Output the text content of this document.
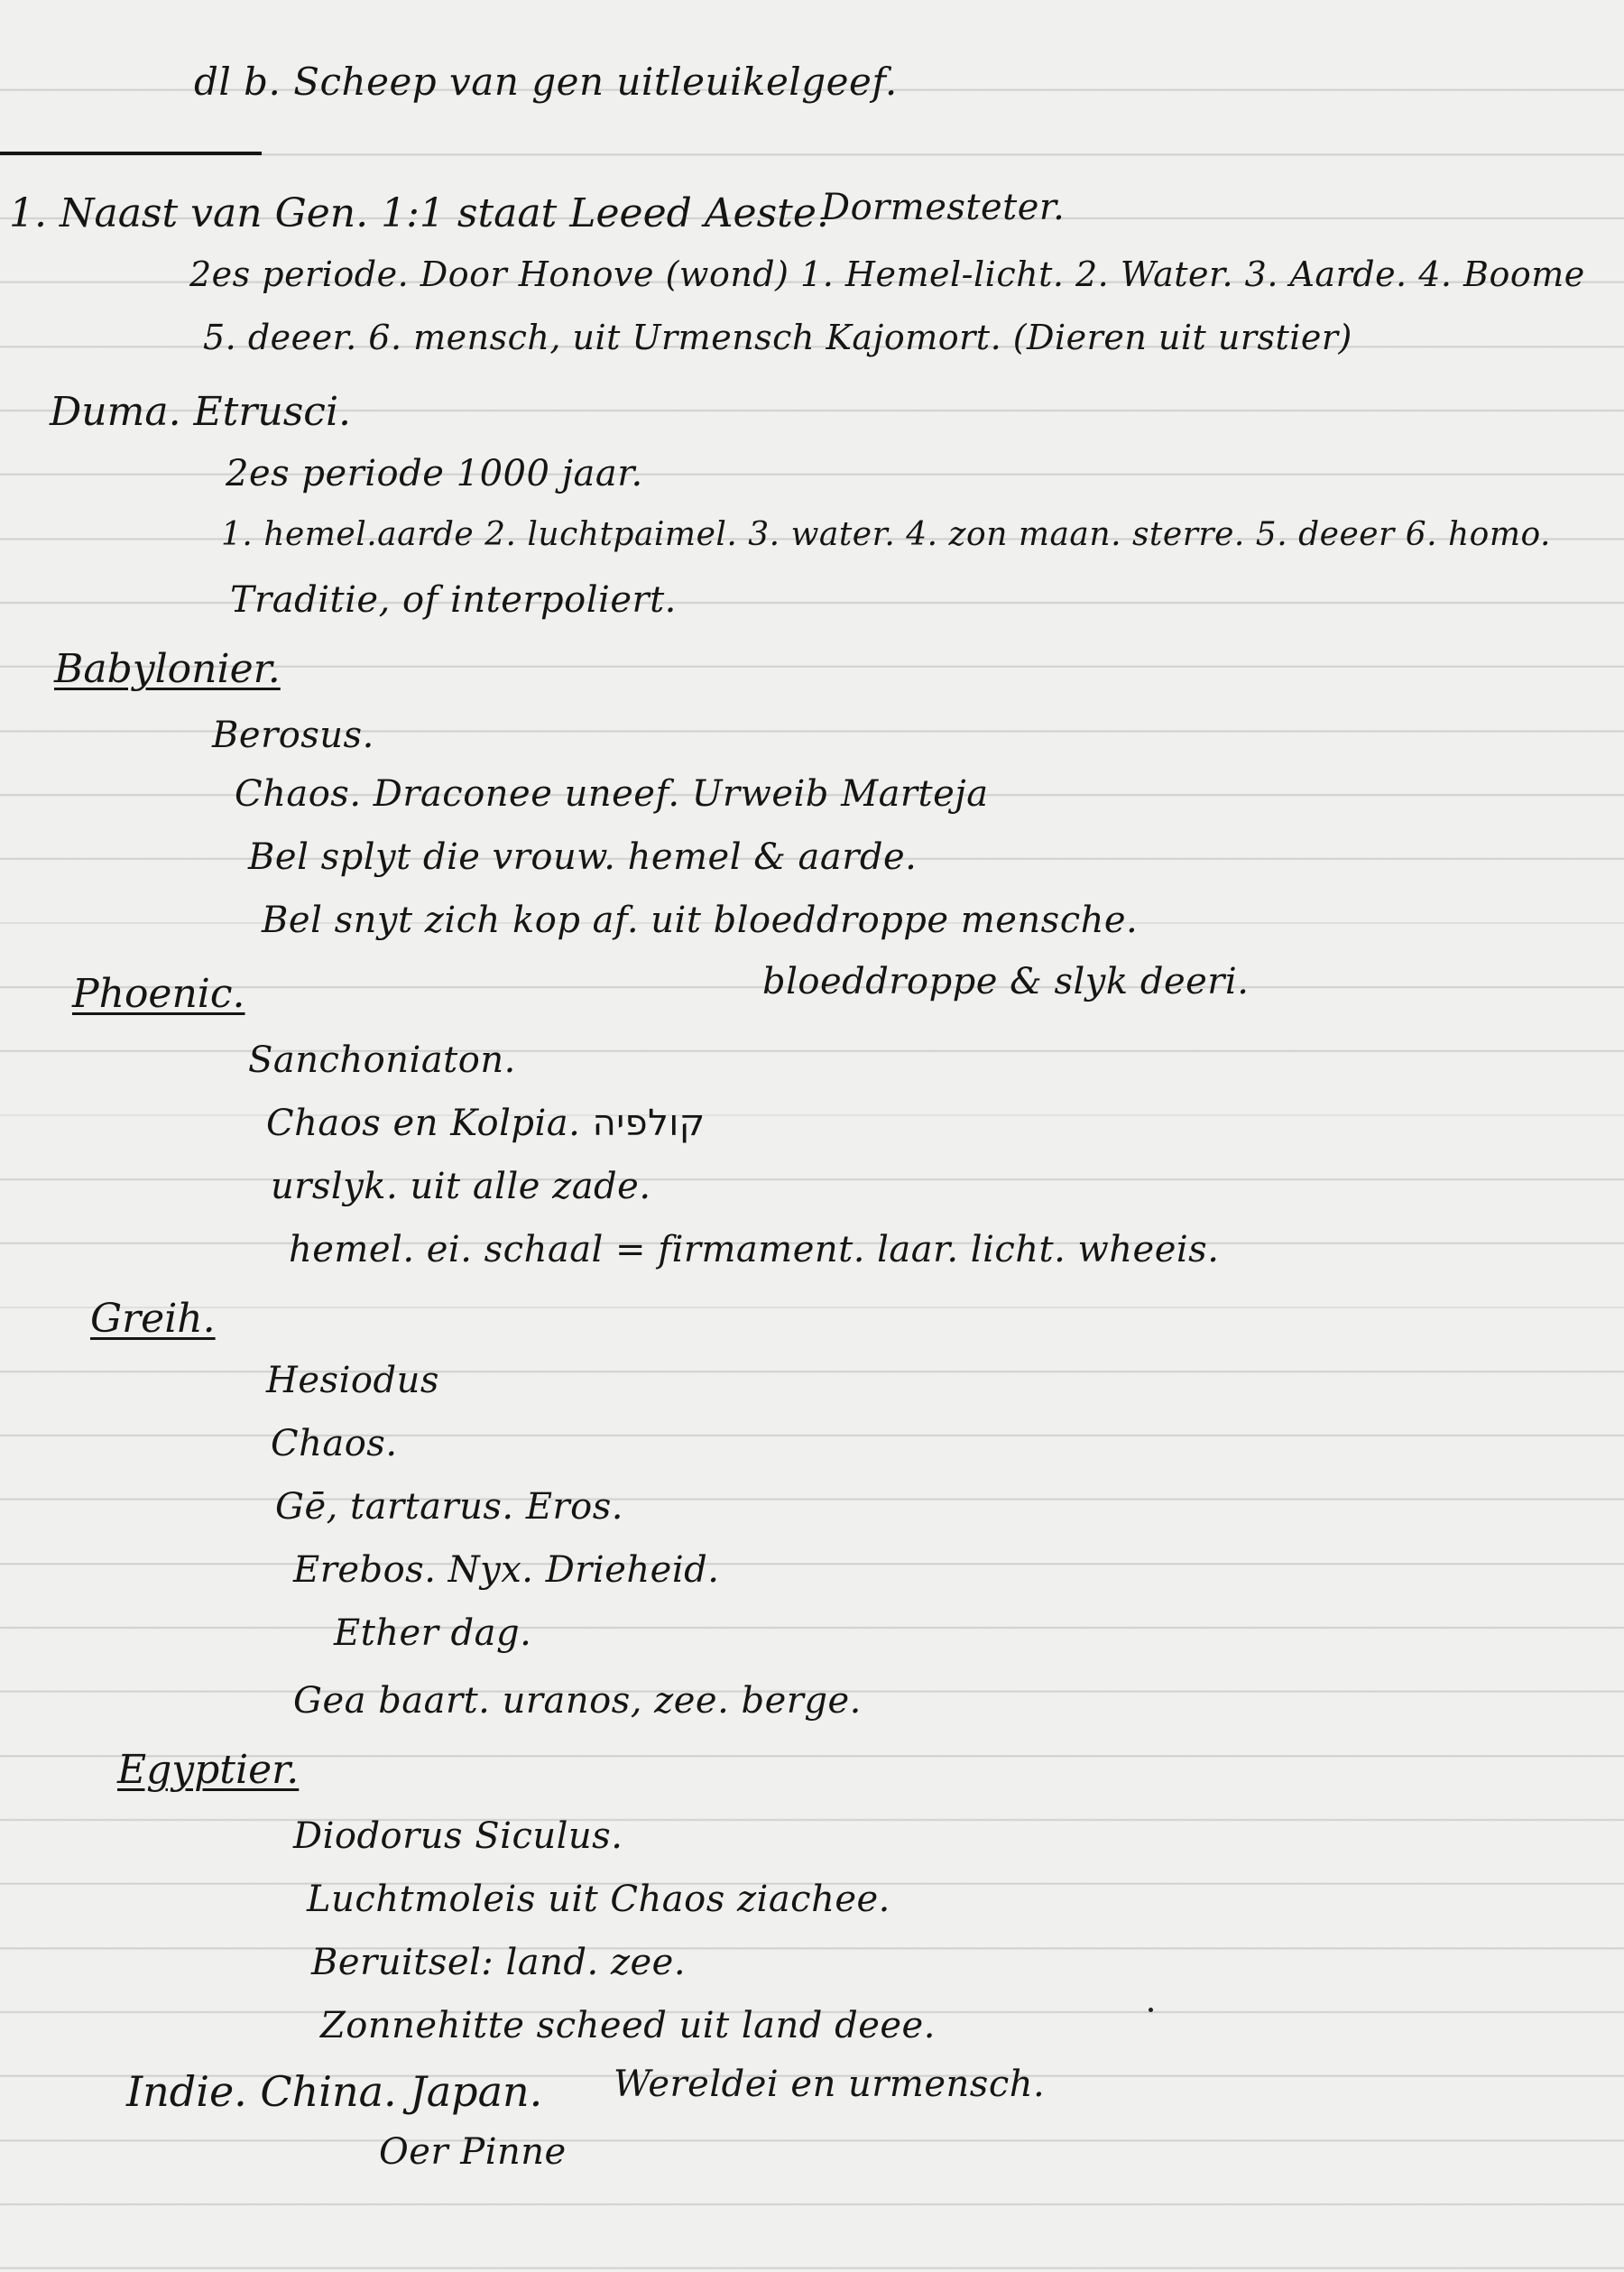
dl b. Scheep van gen uitleuikelgeef.
1. Naast van Gen. 1:1 staat Leeed Aeste.
Dormesteter.
2es periode. Door Honove (wond) 1. Hemel-licht. 2. Water. 3. Aarde. 4. Boome
5. deeer. 6. mensch, uit Urmensch Kajomort. (Dieren uit urstier)
Duma. Etrusci.
2es periode 1000 jaar.
1. hemel.aarde 2. luchtpaimel. 3. water. 4. zon maan. sterre. 5. deeer 6. homo.
Traditie, of interpoliert.
Babylonier.
Berosus.
Chaos. Draconee uneef. Urweib Marteja
Bel splyt die vrouw. hemel & aarde.
Bel snyt zich kop af. uit bloeddroppe mensche.
bloeddroppe & slyk deeri.
Phoenic.
Sanchoniaton.
Chaos en Kolpia. קולפיה
urslyk. uit alle zade.
hemel. ei. schaal = firmament. laar. licht. wheeis.
Greih.
Hesiodus
Chaos.
Gē, tartarus. Eros.
Erebos. Nyx. Drieheid.
Ether dag.
Gea baart. uranos, zee. berge.
Egyptier.
Diodorus Siculus.
Luchtmoleis uit Chaos ziachee.
Beruitsel: land. zee.
Zonnehitte scheed uit land deee.
Indie. China. Japan. Wereldei en urmensch.
Oer Pinne
